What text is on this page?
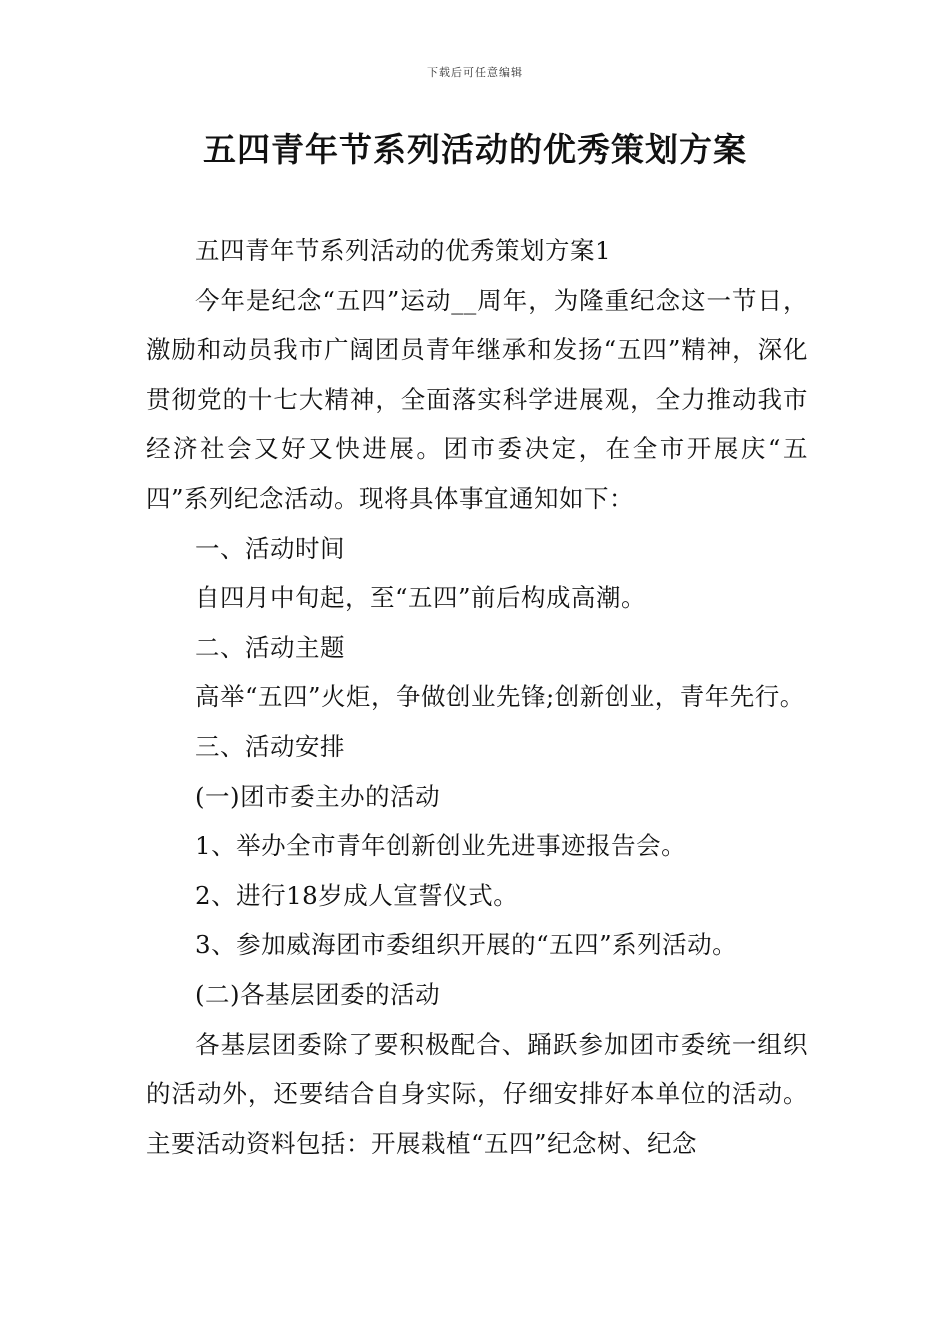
下载后可任意编辑
五四青年节系列活动的优秀策划方案

五四青年节系列活动的优秀策划方案1

今年是纪念“五四”运动__周年，为隆重纪念这一节日，激励和动员我市广阔团员青年继承和发扬“五四”精神，深化贯彻党的十七大精神，全面落实科学进展观，全力推动我市经济社会又好又快进展。团市委决定，在全市开展庆“五四”系列纪念活动。现将具体事宜通知如下：

一、活动时间

自四月中旬起，至“五四”前后构成高潮。

二、活动主题

高举“五四”火炬，争做创业先锋;创新创业，青年先行。

三、活动安排

(一)团市委主办的活动

1、举办全市青年创新创业先进事迹报告会。

2、进行18岁成人宣誓仪式。

3、参加威海团市委组织开展的“五四”系列活动。

(二)各基层团委的活动

各基层团委除了要积极配合、踊跃参加团市委统一组织的活动外，还要结合自身实际，仔细安排好本单位的活动。主要活动资料包括：开展栽植“五四”纪念树、纪念
